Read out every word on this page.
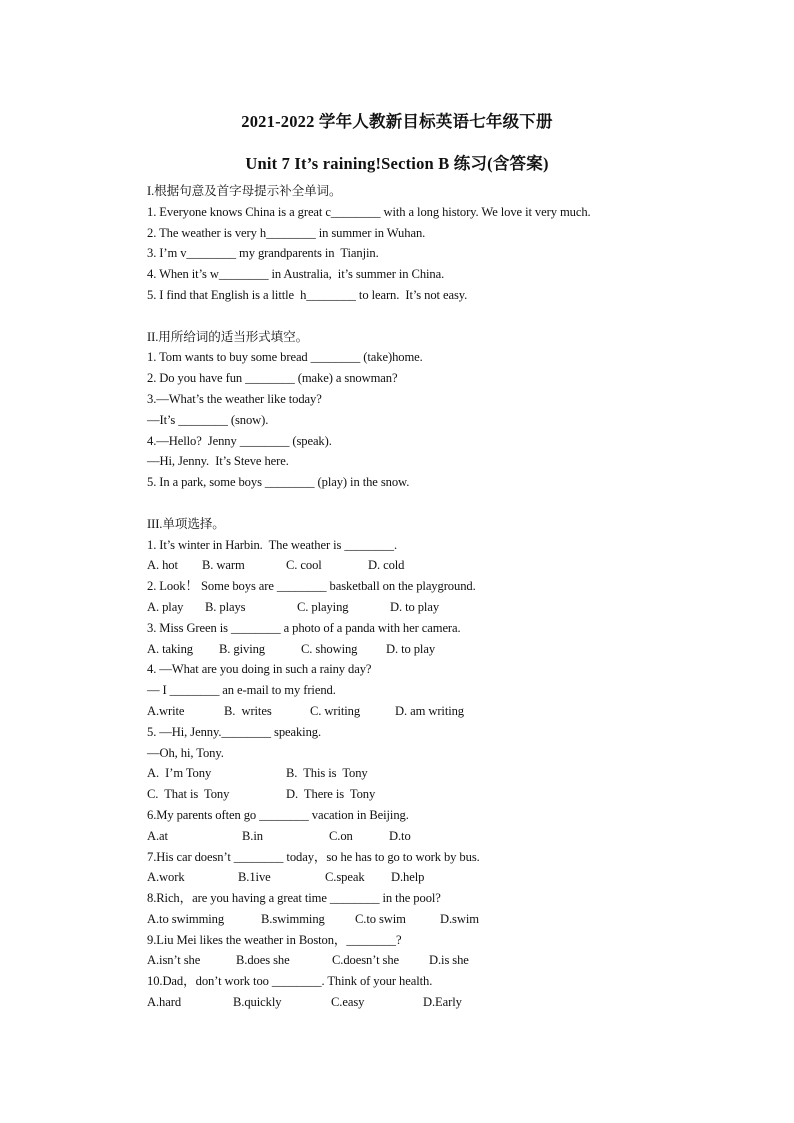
2021-2022 学年人教新目标英语七年级下册
Unit 7 It’s raining!Section B 练习(含答案)
I.根据句意及首字母提示补全单词。
1. Everyone knows China is a great c________ with a long history. We love it very much.
2. The weather is very h________ in summer in Wuhan.
3. I’m v________ my grandparents in  Tianjin.
4. When it’s w________ in Australia,  it’s summer in China.
5. I find that English is a little  h________ to learn.  It’s not easy.
II.用所给词的适当形式填空。
1. Tom wants to buy some bread ________ (take)home.
2. Do you have fun ________ (make) a snowman?
3.—What’s the weather like today?
—It’s ________ (snow).
4.—Hello?  Jenny ________ (speak).
—Hi, Jenny.  It’s Steve here.
5. In a park, some boys ________ (play) in the snow.
III.单项选择。
1. It’s winter in Harbin.  The weather is ________.
A. hot	B. warm	C. cool	D. cold
2. Look！ Some boys are ________ basketball on the playground.
A. play	B. plays	C. playing	D. to play
3. Miss Green is ________ a photo of a panda with her camera.
A. taking	B. giving	C. showing	D. to play
4. —What are you doing in such a rainy day?
— I ________ an e-mail to my friend.
A.write	B.  writes	C. writing	D. am writing
5. —Hi, Jenny.________ speaking.
—Oh, hi, Tony.
A.  I’m Tony	B.  This is  Tony
C.  That is  Tony	D.  There is  Tony
6.My parents often go ________ vacation in Beijing.
A.at	B.in	C.on	D.to
7.His car doesn’t ________ today，so he has to go to work by bus.
A.work	B.1ive	C.speak	D.help
8.Rich，are you having a great time ________ in the pool?
A.to swimming	B.swimming	C.to swim	D.swim
9.Liu Mei likes the weather in Boston，________?
A.isn’t she	B.does she	C.doesn’t she	D.is she
10.Dad，don’t work too ________. Think of your health.
A.hard	B.quickly	C.easy	D.Early
